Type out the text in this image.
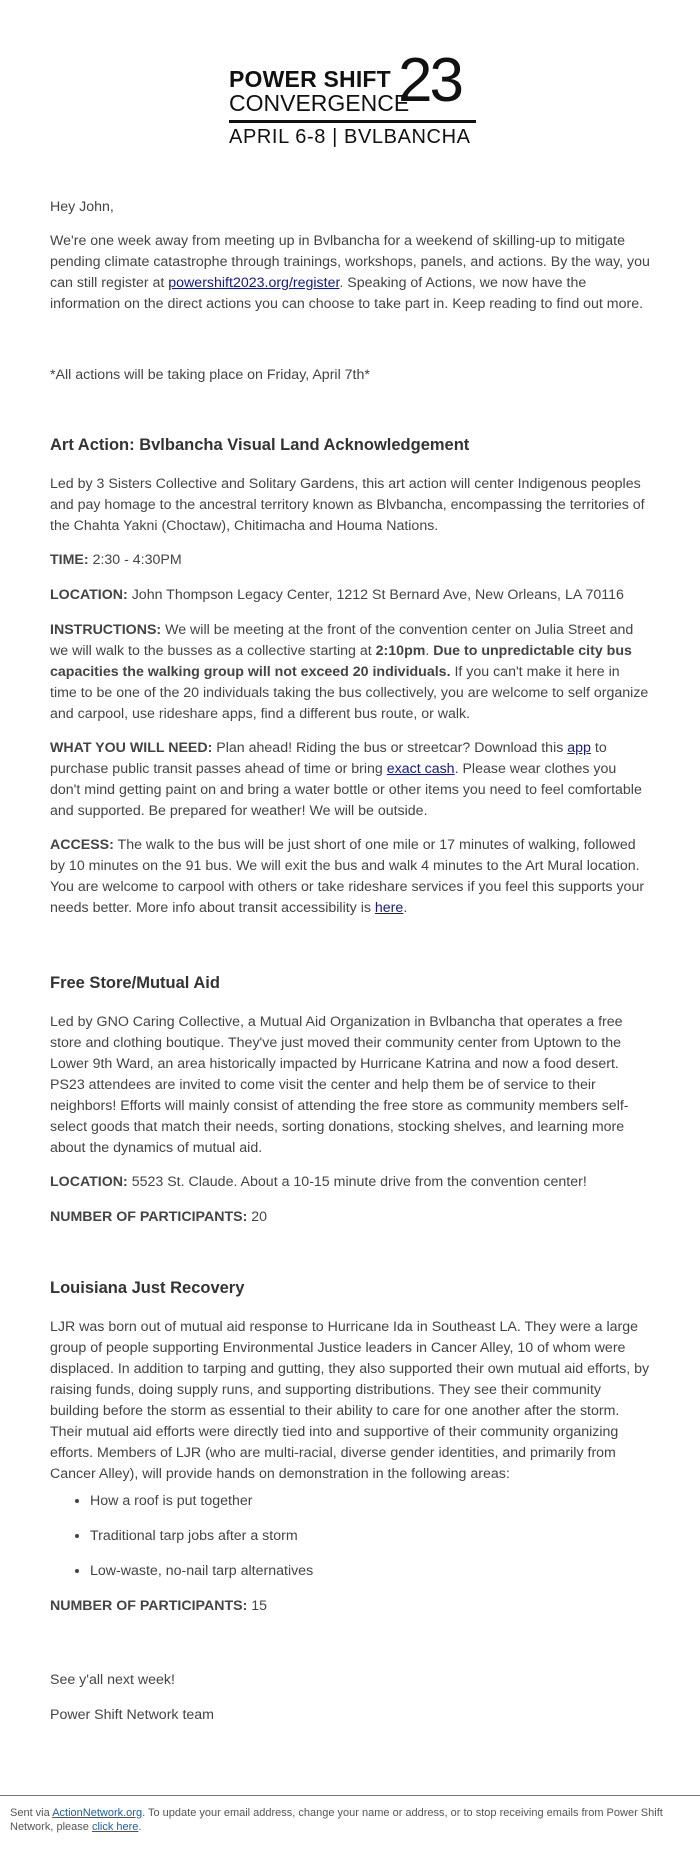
POWER SHIFT
CONVERGENCE
23
APRIL 6-8 | BVLBANCHA

Hey John,

We're one week away from meeting up in Bvlbancha for a weekend of skilling-up to mitigate pending climate catastrophe through trainings, workshops, panels, and actions. By the way, you can still register at powershift2023.org/register. Speaking of Actions, we now have the information on the direct actions you can choose to take part in. Keep reading to find out more.

*All actions will be taking place on Friday, April 7th*

Art Action: Bvlbancha Visual Land Acknowledgement

Led by 3 Sisters Collective and Solitary Gardens, this art action will center Indigenous peoples and pay homage to the ancestral territory known as Blvbancha, encompassing the territories of the Chahta Yakni (Choctaw), Chitimacha and Houma Nations.

TIME: 2:30 - 4:30PM

LOCATION: John Thompson Legacy Center, 1212 St Bernard Ave, New Orleans, LA 70116

INSTRUCTIONS: We will be meeting at the front of the convention center on Julia Street and we will walk to the busses as a collective starting at 2:10pm. Due to unpredictable city bus capacities the walking group will not exceed 20 individuals. If you can't make it here in time to be one of the 20 individuals taking the bus collectively, you are welcome to self organize and carpool, use rideshare apps, find a different bus route, or walk.

WHAT YOU WILL NEED: Plan ahead! Riding the bus or streetcar? Download this app to purchase public transit passes ahead of time or bring exact cash. Please wear clothes you don't mind getting paint on and bring a water bottle or other items you need to feel comfortable and supported. Be prepared for weather! We will be outside.

ACCESS: The walk to the bus will be just short of one mile or 17 minutes of walking, followed by 10 minutes on the 91 bus. We will exit the bus and walk 4 minutes to the Art Mural location. You are welcome to carpool with others or take rideshare services if you feel this supports your needs better. More info about transit accessibility is here.

Free Store/Mutual Aid

Led by GNO Caring Collective, a Mutual Aid Organization in Bvlbancha that operates a free store and clothing boutique. They've just moved their community center from Uptown to the Lower 9th Ward, an area historically impacted by Hurricane Katrina and now a food desert. PS23 attendees are invited to come visit the center and help them be of service to their neighbors! Efforts will mainly consist of attending the free store as community members self-select goods that match their needs, sorting donations, stocking shelves, and learning more about the dynamics of mutual aid.

LOCATION: 5523 St. Claude. About a 10-15 minute drive from the convention center!

NUMBER OF PARTICIPANTS: 20

Louisiana Just Recovery

LJR was born out of mutual aid response to Hurricane Ida in Southeast LA. They were a large group of people supporting Environmental Justice leaders in Cancer Alley, 10 of whom were displaced. In addition to tarping and gutting, they also supported their own mutual aid efforts, by raising funds, doing supply runs, and supporting distributions. They see their community building before the storm as essential to their ability to care for one another after the storm. Their mutual aid efforts were directly tied into and supportive of their community organizing efforts. Members of LJR (who are multi-racial, diverse gender identities, and primarily from Cancer Alley), will provide hands on demonstration in the following areas:

• How a roof is put together
• Traditional tarp jobs after a storm
• Low-waste, no-nail tarp alternatives

NUMBER OF PARTICIPANTS: 15

See y'all next week!

Power Shift Network team

Sent via ActionNetwork.org. To update your email address, change your name or address, or to stop receiving emails from Power Shift Network, please click here.
